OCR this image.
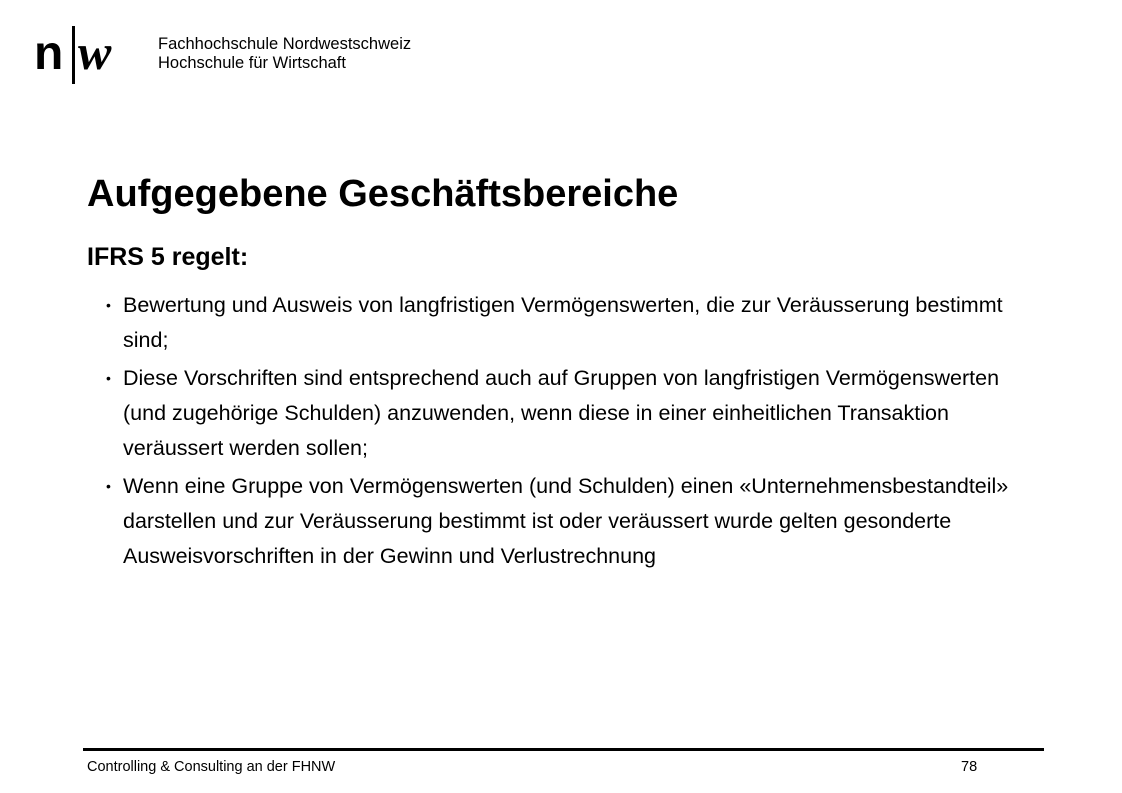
n w	Fachhochschule Nordwestschweiz
Hochschule für Wirtschaft
Aufgegebene Geschäftsbereiche
IFRS 5 regelt:
• Bewertung und Ausweis von langfristigen Vermögenswerten, die zur Veräusserung bestimmt sind;
• Diese Vorschriften sind entsprechend auch auf Gruppen von langfristigen Vermögenswerten (und zugehörige Schulden) anzuwenden, wenn diese in einer einheitlichen Transaktion veräussert werden sollen;
• Wenn eine Gruppe von Vermögenswerten (und Schulden) einen «Unternehmensbestandteil» darstellen und zur Veräusserung bestimmt ist oder veräussert wurde gelten gesonderte Ausweisvorschriften in der Gewinn und Verlustrechnung
Controlling & Consulting an der FHNW	78
